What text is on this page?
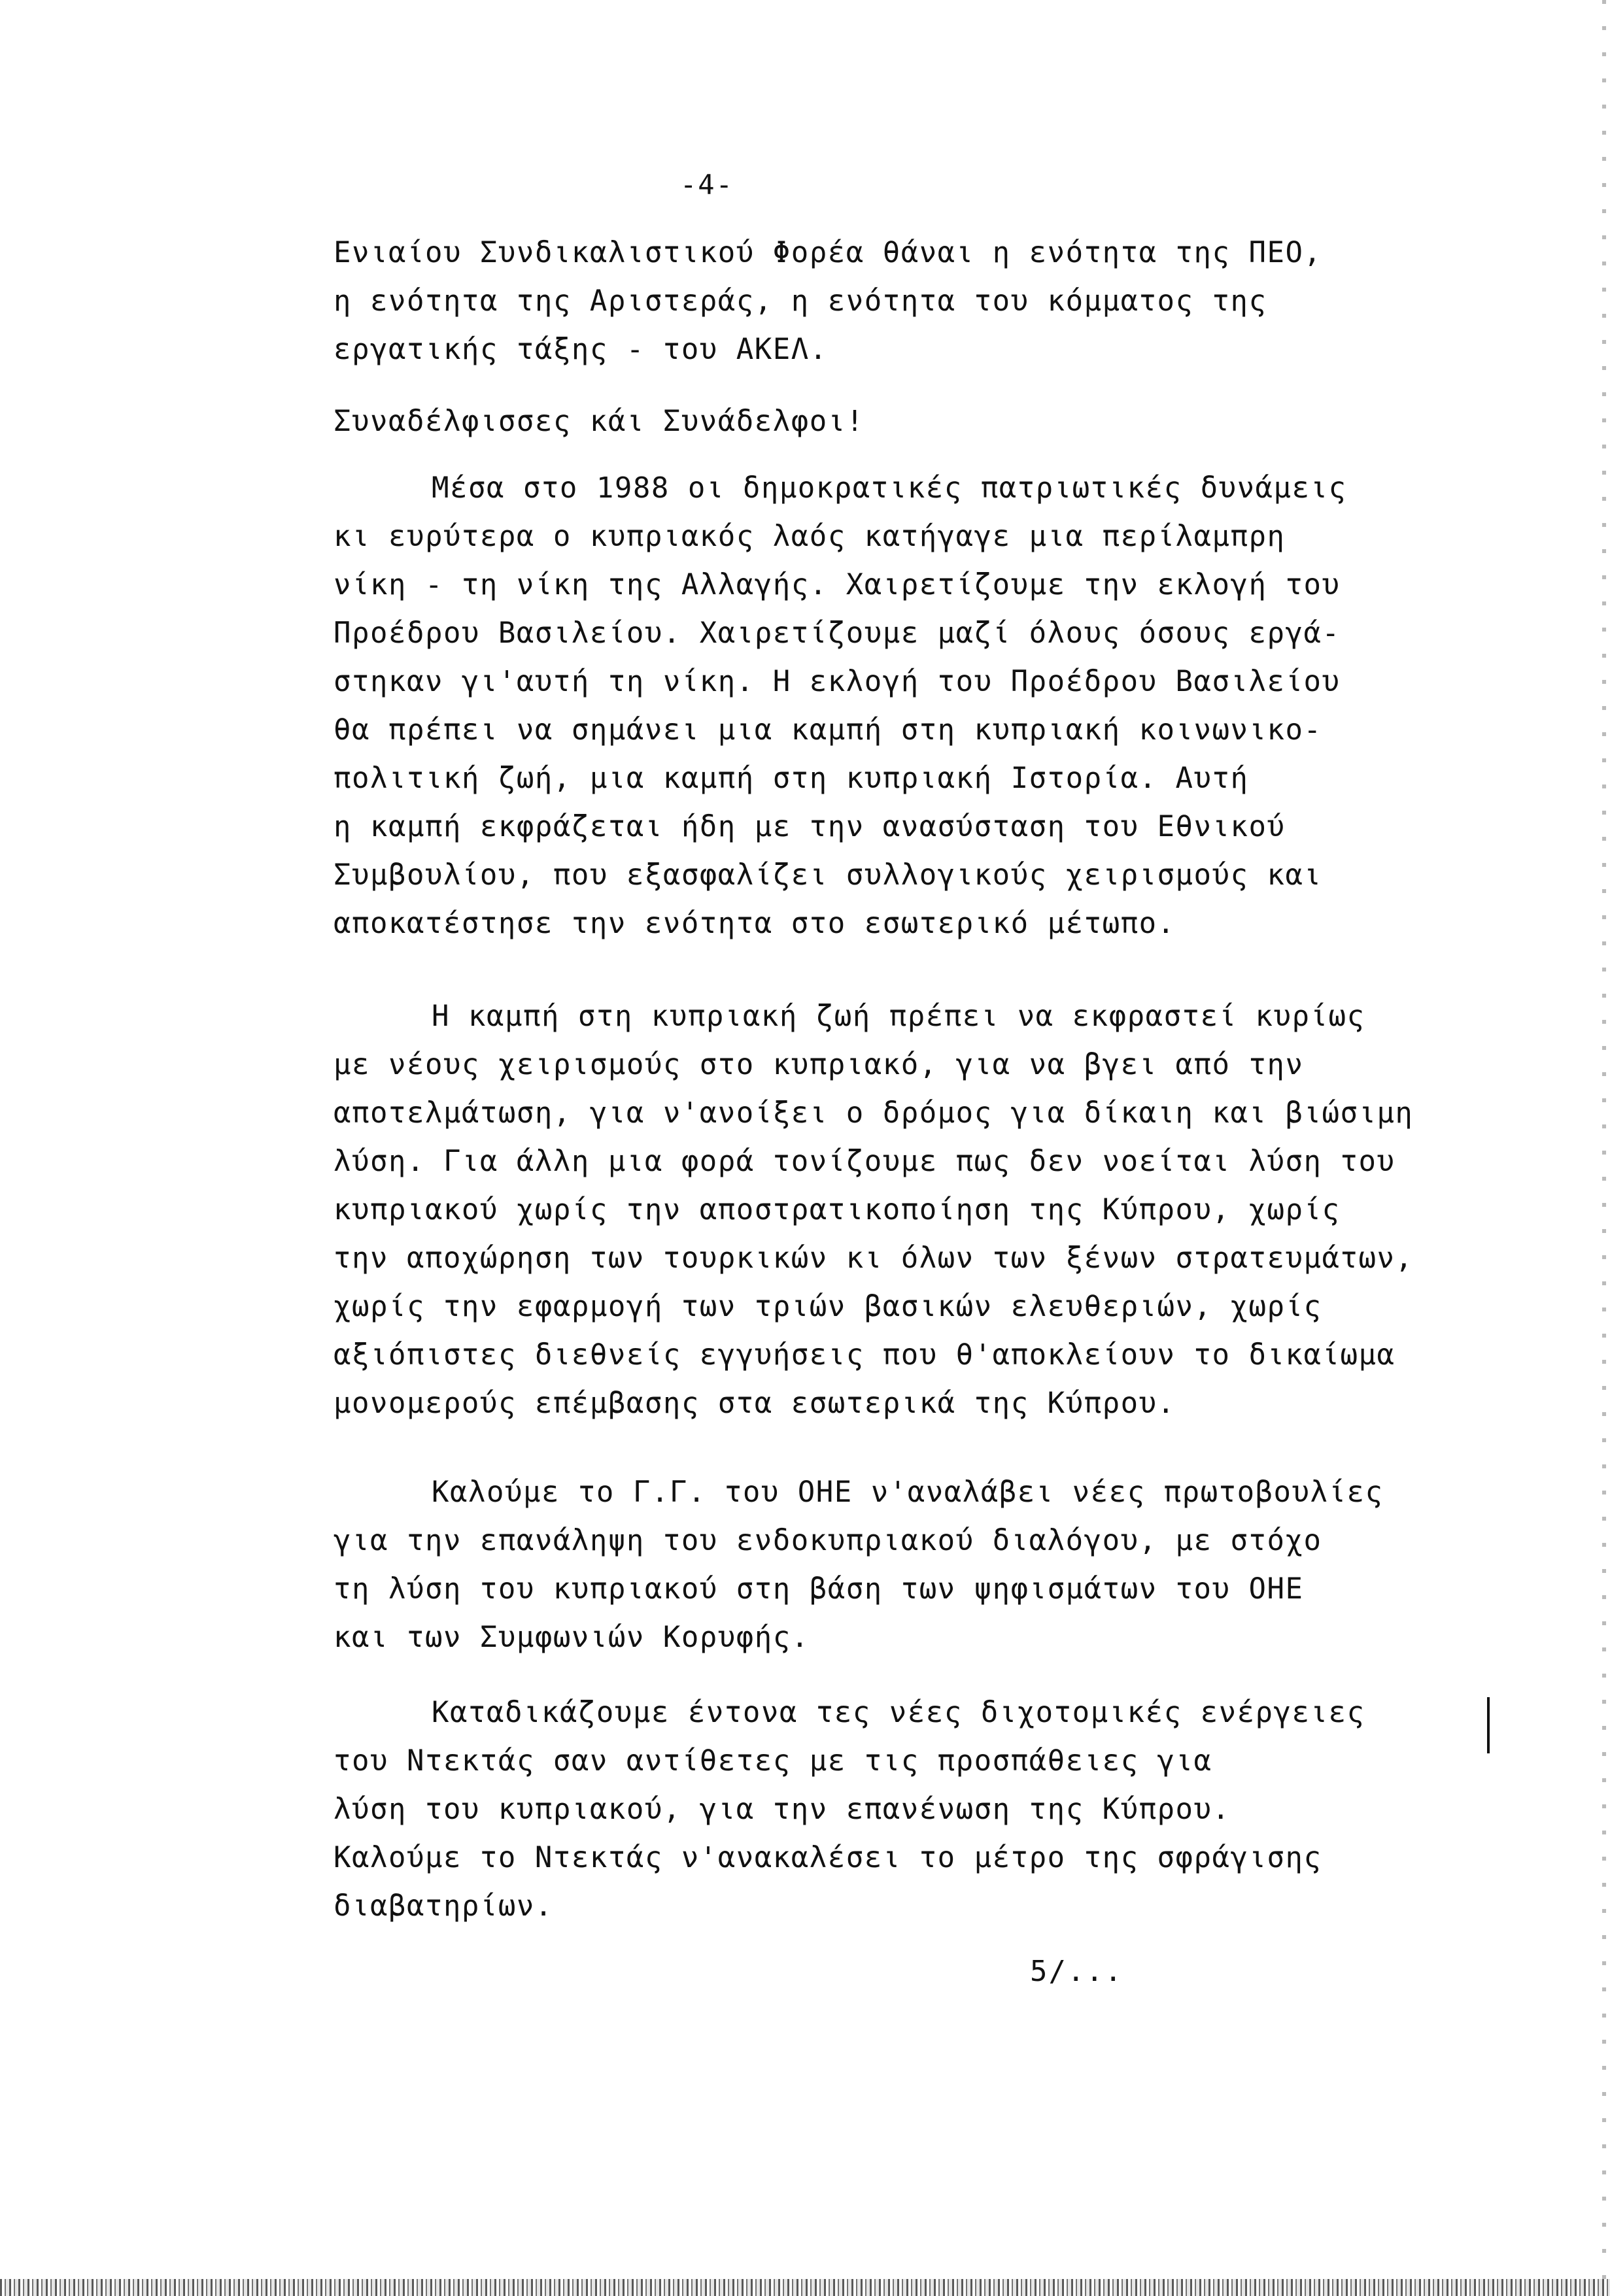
-4-
Ενιαίου Συνδικαλιστικού Φορέα θάναι η ενότητα της ΠΕΟ,
η ενότητα της Αριστεράς, η ενότητα του κόμματος της
εργατικής τάξης - του ΑΚΕΛ.
Συναδέλφισσες κάι Συνάδελφοι!
Μέσα στο 1988 οι δημοκρατικές πατριωτικές δυνάμεις
κι ευρύτερα ο κυπριακός λαός κατήγαγε μια περίλαμπρη
νίκη - τη νίκη της Αλλαγής. Χαιρετίζουμε την εκλογή του
Προέδρου Βασιλείου. Χαιρετίζουμε μαζί όλους όσους εργά-
στηκαν γι'αυτή τη νίκη. Η εκλογή του Προέδρου Βασιλείου
θα πρέπει να σημάνει μια καμπή στη κυπριακή κοινωνικο-
πολιτική ζωή, μια καμπή στη κυπριακή Ιστορία. Αυτή
η καμπή εκφράζεται ήδη με την ανασύσταση του Εθνικού
Συμβουλίου, που εξασφαλίζει συλλογικούς χειρισμούς και
αποκατέστησε την ενότητα στο εσωτερικό μέτωπο.
Η καμπή στη κυπριακή ζωή πρέπει να εκφραστεί κυρίως
με νέους χειρισμούς στο κυπριακό, για να βγει από την
αποτελμάτωση, για ν'ανοίξει ο δρόμος για δίκαιη και βιώσιμη
λύση. Για άλλη μια φορά τονίζουμε πως δεν νοείται λύση του
κυπριακού χωρίς την αποστρατικοποίηση της Κύπρου, χωρίς
την αποχώρηση των τουρκικών κι όλων των ξένων στρατευμάτων,
χωρίς την εφαρμογή των τριών βασικών ελευθεριών, χωρίς
αξιόπιστες διεθνείς εγγυήσεις που θ'αποκλείουν το δικαίωμα
μονομερούς επέμβασης στα εσωτερικά της Κύπρου.
Καλούμε το Γ.Γ. του ΟΗΕ ν'αναλάβει νέες πρωτοβουλίες
για την επανάληψη του ενδοκυπριακού διαλόγου, με στόχο
τη λύση του κυπριακού στη βάση των ψηφισμάτων του ΟΗΕ
και των Συμφωνιών Κορυφής.
Καταδικάζουμε έντονα τες νέες διχοτομικές ενέργειες
του Ντεκτάς σαν αντίθετες με τις προσπάθειες για
λύση του κυπριακού, για την επανένωση της Κύπρου.
Καλούμε το Ντεκτάς ν'ανακαλέσει το μέτρο της σφράγισης
διαβατηρίων.
5/...
